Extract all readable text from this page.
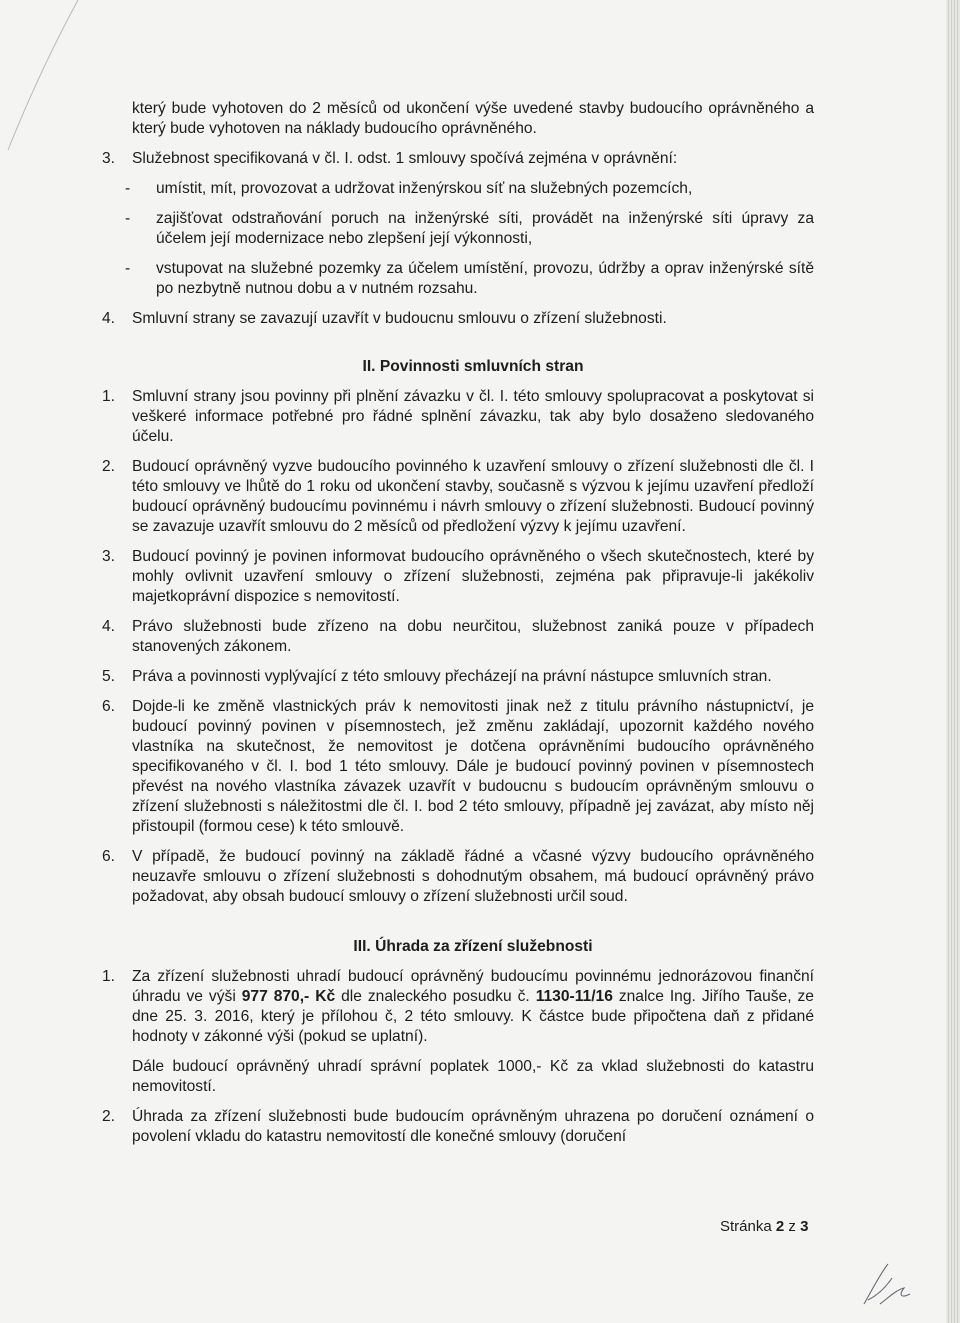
který bude vyhotoven do 2 měsíců od ukončení výše uvedené stavby budoucího oprávněného a který bude vyhotoven na náklady budoucího oprávněného.

3. Služebnost specifikovaná v čl. I. odst. 1 smlouvy spočívá zejména v oprávnění:

- umístit, mít, provozovat a udržovat inženýrskou síť na služebných pozemcích,

- zajišťovat odstraňování poruch na inženýrské síti, provádět na inženýrské síti úpravy za účelem její modernizace nebo zlepšení její výkonnosti,

- vstupovat na služebné pozemky za účelem umístění, provozu, údržby a oprav inženýrské sítě po nezbytně nutnou dobu a v nutném rozsahu.

4. Smluvní strany se zavazují uzavřít v budoucnu smlouvu o zřízení služebnosti.

II. Povinnosti smluvních stran

1. Smluvní strany jsou povinny při plnění závazku v čl. I. této smlouvy spolupracovat a poskytovat si veškeré informace potřebné pro řádné splnění závazku, tak aby bylo dosaženo sledovaného účelu.

2. Budoucí oprávněný vyzve budoucího povinného k uzavření smlouvy o zřízení služebnosti dle čl. I této smlouvy ve lhůtě do 1 roku od ukončení stavby, současně s výzvou k jejímu uzavření předloží budoucí oprávněný budoucímu povinnému i návrh smlouvy o zřízení služebnosti. Budoucí povinný se zavazuje uzavřít smlouvu do 2 měsíců od předložení výzvy k jejímu uzavření.

3. Budoucí povinný je povinen informovat budoucího oprávněného o všech skutečnostech, které by mohly ovlivnit uzavření smlouvy o zřízení služebnosti, zejména pak připravuje-li jakékoliv majetkoprávní dispozice s nemovitostí.

4. Právo služebnosti bude zřízeno na dobu neurčitou, služebnost zaniká pouze v případech stanovených zákonem.

5. Práva a povinnosti vyplývající z této smlouvy přecházejí na právní nástupce smluvních stran.

6. Dojde-li ke změně vlastnických práv k nemovitosti jinak než z titulu právního nástupnictví, je budoucí povinný povinen v písemnostech, jež změnu zakládají, upozornit každého nového vlastníka na skutečnost, že nemovitost je dotčena oprávněními budoucího oprávněného specifikovaného v čl. I. bod 1 této smlouvy. Dále je budoucí povinný povinen v písemnostech převést na nového vlastníka závazek uzavřít v budoucnu s budoucím oprávněným smlouvu o zřízení služebnosti s náležitostmi dle čl. I. bod 2 této smlouvy, případně jej zavázat, aby místo něj přistoupil (formou cese) k této smlouvě.

6. V případě, že budoucí povinný na základě řádné a včasné výzvy budoucího oprávněného neuzavře smlouvu o zřízení služebnosti s dohodnutým obsahem, má budoucí oprávněný právo požadovat, aby obsah budoucí smlouvy o zřízení služebnosti určil soud.

III. Úhrada za zřízení služebnosti

1. Za zřízení služebnosti uhradí budoucí oprávněný budoucímu povinnému jednorázovou finanční úhradu ve výši 977 870,- Kč dle znaleckého posudku č. 1130-11/16 znalce Ing. Jiřího Tauše, ze dne 25. 3. 2016, který je přílohou č, 2 této smlouvy. K částce bude připočtena daň z přidané hodnoty v zákonné výši (pokud se uplatní).

Dále budoucí oprávněný uhradí správní poplatek 1000,- Kč za vklad služebnosti do katastru nemovitostí.

2. Úhrada za zřízení služebnosti bude budoucím oprávněným uhrazena po doručení oznámení o povolení vkladu do katastru nemovitostí dle konečné smlouvy (doručení

Stránka 2 z 3
